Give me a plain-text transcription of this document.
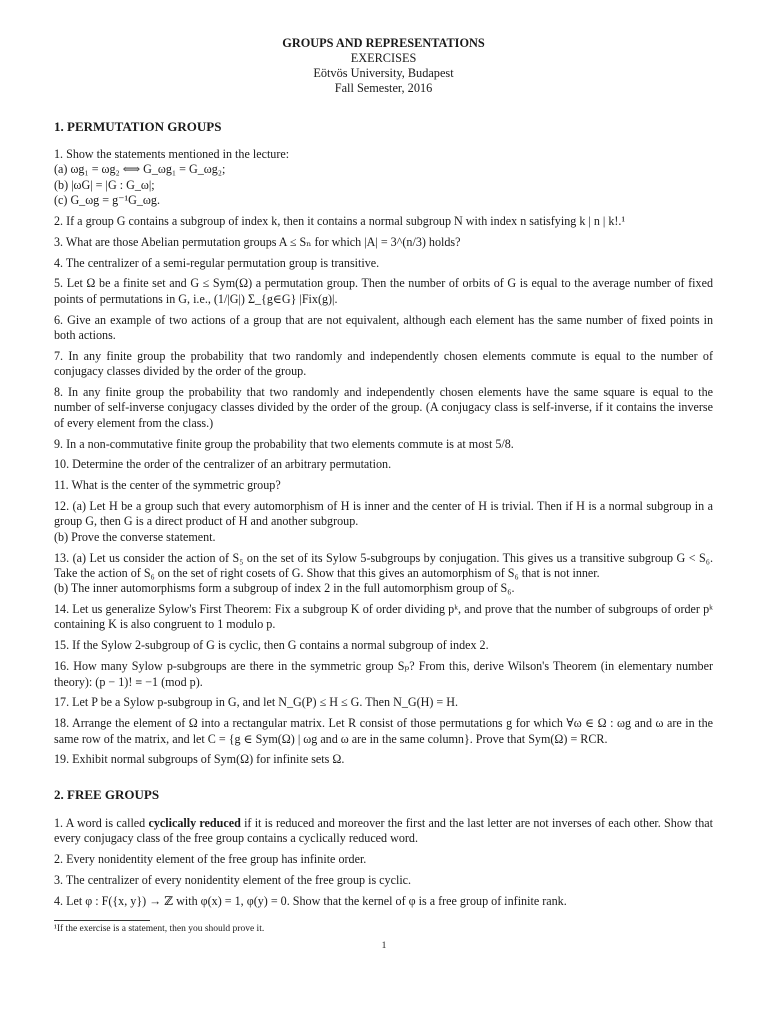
GROUPS AND REPRESENTATIONS
EXERCISES
Eötvös University, Budapest
Fall Semester, 2016
1. PERMUTATION GROUPS

1. Show the statements mentioned in the lecture:
(a) ωg₁ = ωg₂ ⟺ G_ωg₁ = G_ωg₂;
(b) |ωG| = |G : G_ω|;
(c) G_ωg = g⁻¹G_ωg.

2. If a group G contains a subgroup of index k, then it contains a normal subgroup N with index n satisfying k | n | k!.¹

3. What are those Abelian permutation groups A ≤ Sₙ for which |A| = 3^(n/3) holds?

4. The centralizer of a semi-regular permutation group is transitive.

5. Let Ω be a finite set and G ≤ Sym(Ω) a permutation group. Then the number of orbits of G is equal to the average number of fixed points of permutations in G, i.e., (1/|G|) Σ_{g∈G} |Fix(g)|.

6. Give an example of two actions of a group that are not equivalent, although each element has the same number of fixed points in both actions.

7. In any finite group the probability that two randomly and independently chosen elements commute is equal to the number of conjugacy classes divided by the order of the group.

8. In any finite group the probability that two randomly and independently chosen elements have the same square is equal to the number of self-inverse conjugacy classes divided by the order of the group. (A conjugacy class is self-inverse, if it contains the inverse of every element from the class.)

9. In a non-commutative finite group the probability that two elements commute is at most 5/8.

10. Determine the order of the centralizer of an arbitrary permutation.

11. What is the center of the symmetric group?

12. (a) Let H be a group such that every automorphism of H is inner and the center of H is trivial. Then if H is a normal subgroup in a group G, then G is a direct product of H and another subgroup.
(b) Prove the converse statement.

13. (a) Let us consider the action of S₅ on the set of its Sylow 5-subgroups by conjugation. This gives us a transitive subgroup G < S₆. Take the action of S₆ on the set of right cosets of G. Show that this gives an automorphism of S₆ that is not inner.
(b) The inner automorphisms form a subgroup of index 2 in the full automorphism group of S₆.

14. Let us generalize Sylow's First Theorem: Fix a subgroup K of order dividing pᵏ, and prove that the number of subgroups of order pᵏ containing K is also congruent to 1 modulo p.

15. If the Sylow 2-subgroup of G is cyclic, then G contains a normal subgroup of index 2.

16. How many Sylow p-subgroups are there in the symmetric group Sₚ? From this, derive Wilson's Theorem (in elementary number theory): (p − 1)! ≡ −1 (mod p).

17. Let P be a Sylow p-subgroup in G, and let N_G(P) ≤ H ≤ G. Then N_G(H) = H.

18. Arrange the element of Ω into a rectangular matrix. Let R consist of those permutations g for which ∀ω ∈ Ω : ωg and ω are in the same row of the matrix, and let C = {g ∈ Sym(Ω) | ωg and ω are in the same column}. Prove that Sym(Ω) = RCR.

19. Exhibit normal subgroups of Sym(Ω) for infinite sets Ω.

2. FREE GROUPS

1. A word is called cyclically reduced if it is reduced and moreover the first and the last letter are not inverses of each other. Show that every conjugacy class of the free group contains a cyclically reduced word.

2. Every nonidentity element of the free group has infinite order.

3. The centralizer of every nonidentity element of the free group is cyclic.

4. Let φ : F({x, y}) → ℤ with φ(x) = 1, φ(y) = 0. Show that the kernel of φ is a free group of infinite rank.

¹If the exercise is a statement, then you should prove it.
1
